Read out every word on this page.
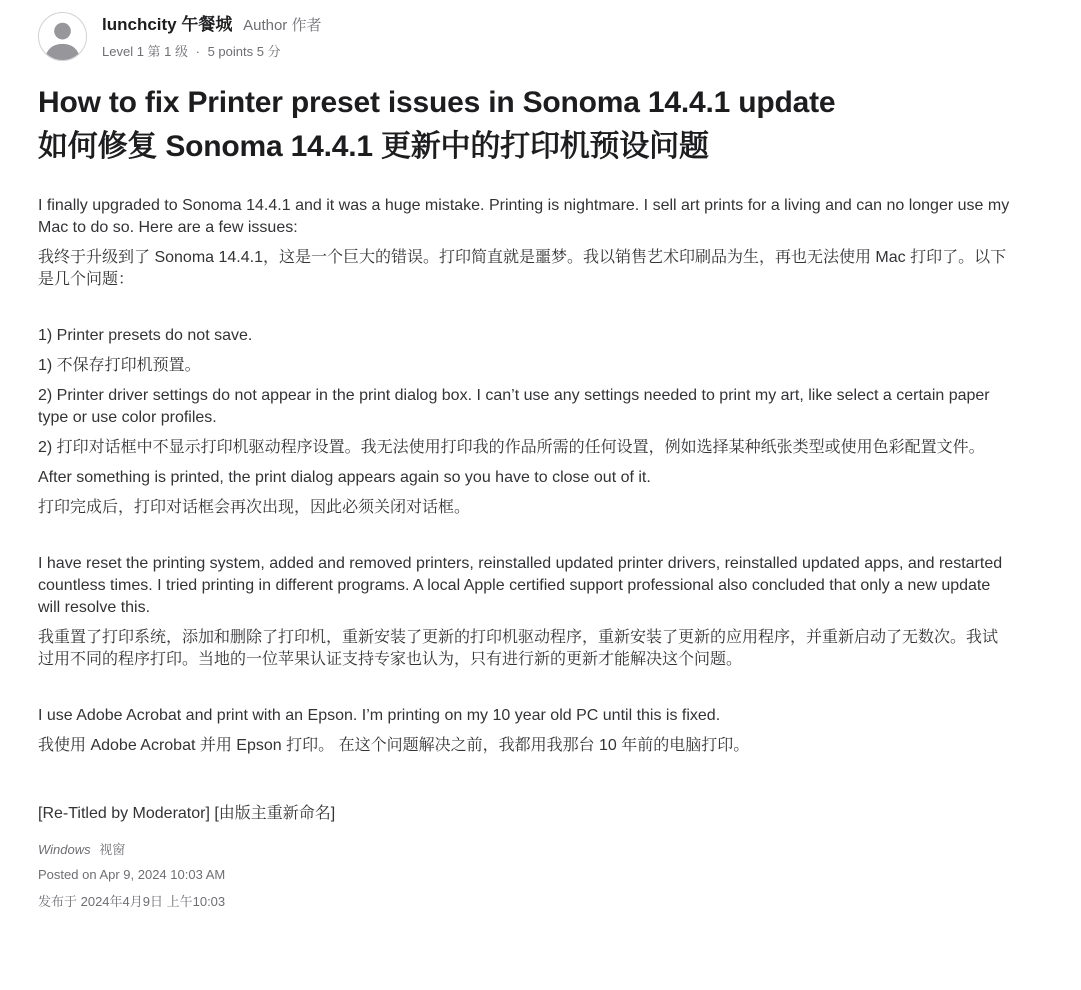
lunchcity 午餐城 Author 作者
Level 1 第 1 级 · 5 points 5 分
How to fix Printer preset issues in Sonoma 14.4.1 update
如何修复 Sonoma 14.4.1 更新中的打印机预设问题

I finally upgraded to Sonoma 14.4.1 and it was a huge mistake. Printing is nightmare. I sell art prints for a living and can no longer use my Mac to do so. Here are a few issues:

我终于升级到了 Sonoma 14.4.1，这是一个巨大的错误。打印简直就是噩梦。我以销售艺术印刷品为生，再也无法使用 Mac 打印了。以下是几个问题：

1) Printer presets do not save.

1) 不保存打印机预置。

2) Printer driver settings do not appear in the print dialog box. I can’t use any settings needed to print my art, like select a certain paper type or use color profiles.

2) 打印对话框中不显示打印机驱动程序设置。我无法使用打印我的作品所需的任何设置，例如选择某种纸张类型或使用色彩配置文件。

After something is printed, the print dialog appears again so you have to close out of it.

打印完成后，打印对话框会再次出现，因此必须关闭对话框。

I have reset the printing system, added and removed printers, reinstalled updated printer drivers, reinstalled updated apps, and restarted countless times. I tried printing in different programs. A local Apple certified support professional also concluded that only a new update will resolve this.

我重置了打印系统，添加和删除了打印机，重新安装了更新的打印机驱动程序，重新安装了更新的应用程序，并重新启动了无数次。我试过用不同的程序打印。当地的一位苹果认证支持专家也认为，只有进行新的更新才能解决这个问题。

I use Adobe Acrobat and print with an Epson. I’m printing on my 10 year old PC until this is fixed.

我使用 Adobe Acrobat 并用 Epson 打印。 在这个问题解决之前，我都用我那台 10 年前的电脑打印。

[Re-Titled by Moderator] [由版主重新命名]

Windows 视窗
Posted on Apr 9, 2024 10:03 AM
发布于 2024年4月9日 上午10:03
